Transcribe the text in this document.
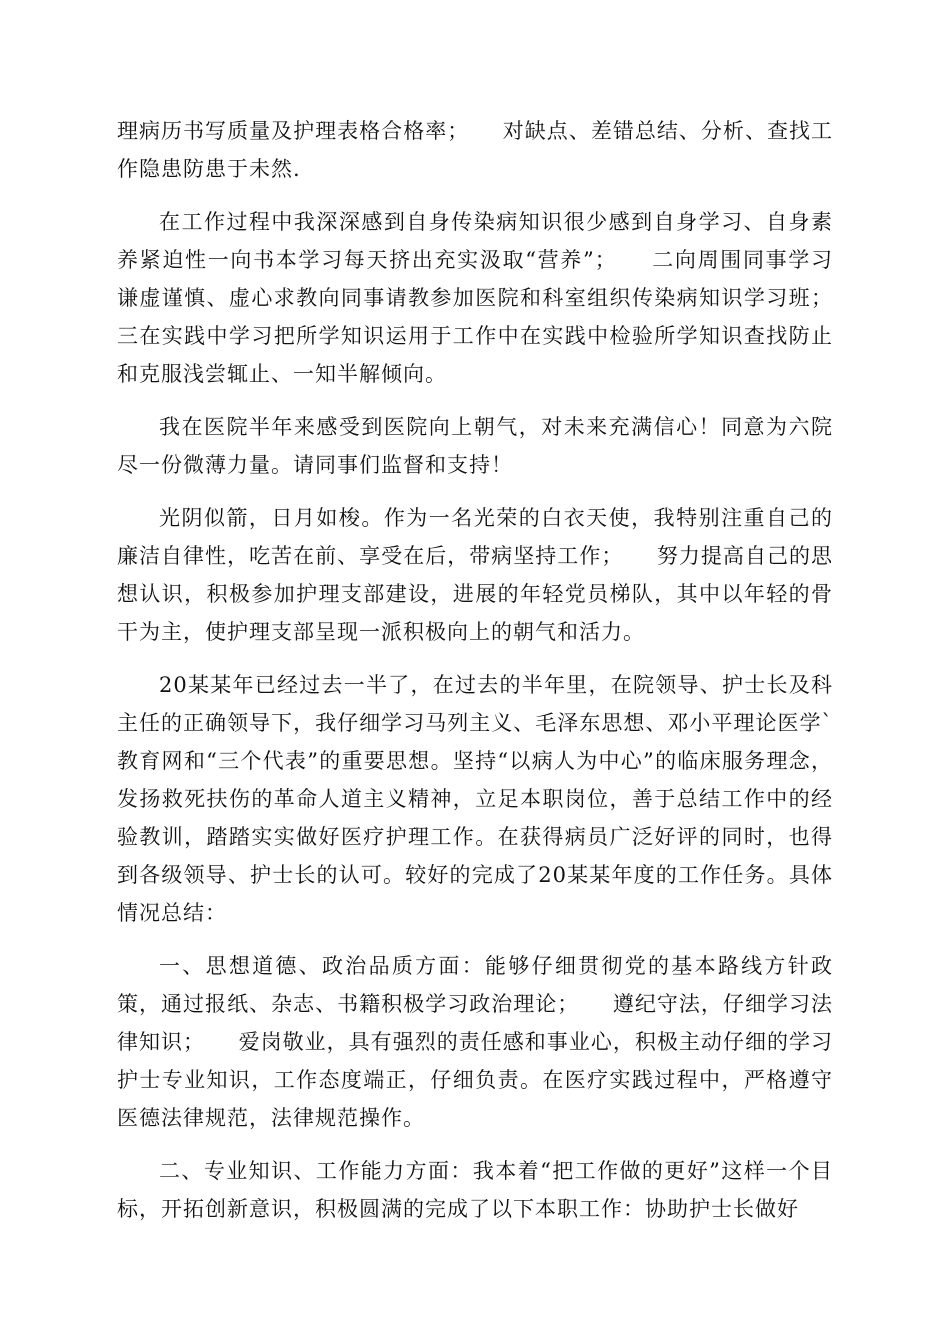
理病历书写质量及护理表格合格率；　　对缺点、差错总结、分析、查找工作隐患防患于未然.

在工作过程中我深深感到自身传染病知识很少感到自身学习、自身素养紧迫性一向书本学习每天挤出充实汲取“营养”；　　二向周围同事学习谦虚谨慎、虚心求教向同事请教参加医院和科室组织传染病知识学习班；三在实践中学习把所学知识运用于工作中在实践中检验所学知识查找防止和克服浅尝辄止、一知半解倾向。

我在医院半年来感受到医院向上朝气，对未来充满信心！同意为六院尽一份微薄力量。请同事们监督和支持！

光阴似箭，日月如梭。作为一名光荣的白衣天使，我特别注重自己的廉洁自律性，吃苦在前、享受在后，带病坚持工作；　　努力提高自己的思想认识，积极参加护理支部建设，进展的年轻党员梯队，其中以年轻的骨干为主，使护理支部呈现一派积极向上的朝气和活力。

20某某年已经过去一半了，在过去的半年里，在院领导、护士长及科主任的正确领导下，我仔细学习马列主义、毛泽东思想、邓小平理论医学`教育网和“三个代表”的重要思想。坚持“以病人为中心”的临床服务理念，发扬救死扶伤的革命人道主义精神，立足本职岗位，善于总结工作中的经验教训，踏踏实实做好医疗护理工作。在获得病员广泛好评的同时，也得到各级领导、护士长的认可。较好的完成了20某某年度的工作任务。具体情况总结：

一、思想道德、政治品质方面：能够仔细贯彻党的基本路线方针政策，通过报纸、杂志、书籍积极学习政治理论；　　遵纪守法，仔细学习法律知识；　　爱岗敬业，具有强烈的责任感和事业心，积极主动仔细的学习护士专业知识，工作态度端正，仔细负责。在医疗实践过程中，严格遵守医德法律规范，法律规范操作。

二、专业知识、工作能力方面：我本着“把工作做的更好”这样一个目标，开拓创新意识，积极圆满的完成了以下本职工作：协助护士长做好
